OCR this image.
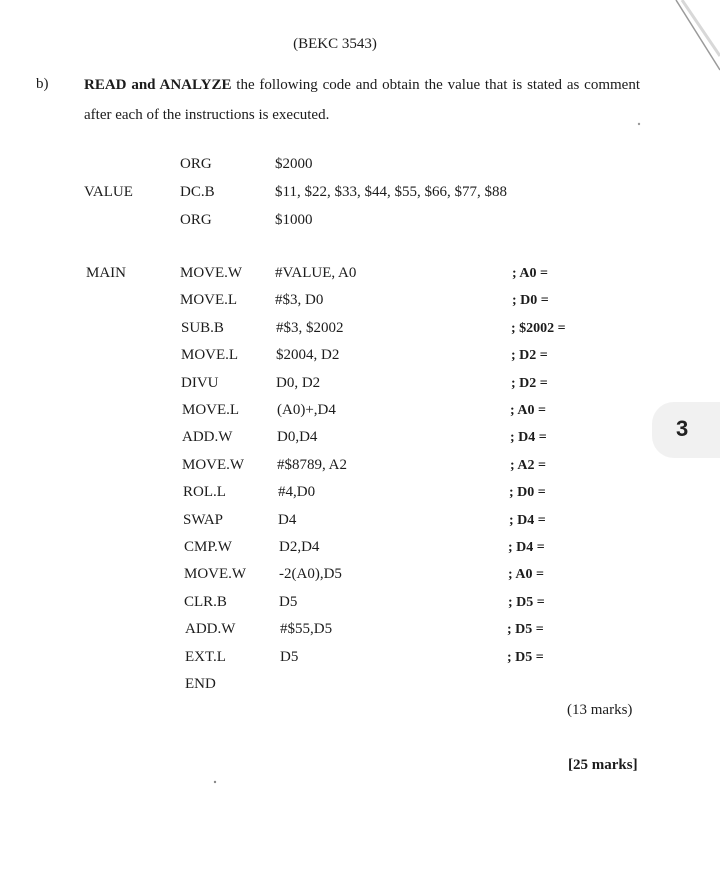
(BEKC 3543)
b) READ and ANALYZE the following code and obtain the value that is stated as comment after each of the instructions is executed.
ORG	$2000
VALUE	DC.B	$11, $22, $33, $44, $55, $66, $77, $88
ORG	$1000
MAIN	MOVE.W #VALUE, A0	; A0 =
MOVE.L	#$3, D0	; D0 =
SUB.B	#$3, $2002	; $2002 =
MOVE.L	$2004, D2	; D2 =
DIVU	D0, D2	; D2 =
MOVE.L	(A0)+,D4	; A0 =
ADD.W	D0,D4	; D4 =
MOVE.W #$8789, A2	; A2 =
ROL.L	#4,D0	; D0 =
SWAP	D4	; D4 =
CMP.W	D2,D4	; D4 =
MOVE.W -2(A0),D5	; A0 =
CLR.B	D5	; D5 =
ADD.W	#$55,D5	; D5 =
EXT.L	D5	; D5 =
END
(13 marks)
[25 marks]
3
